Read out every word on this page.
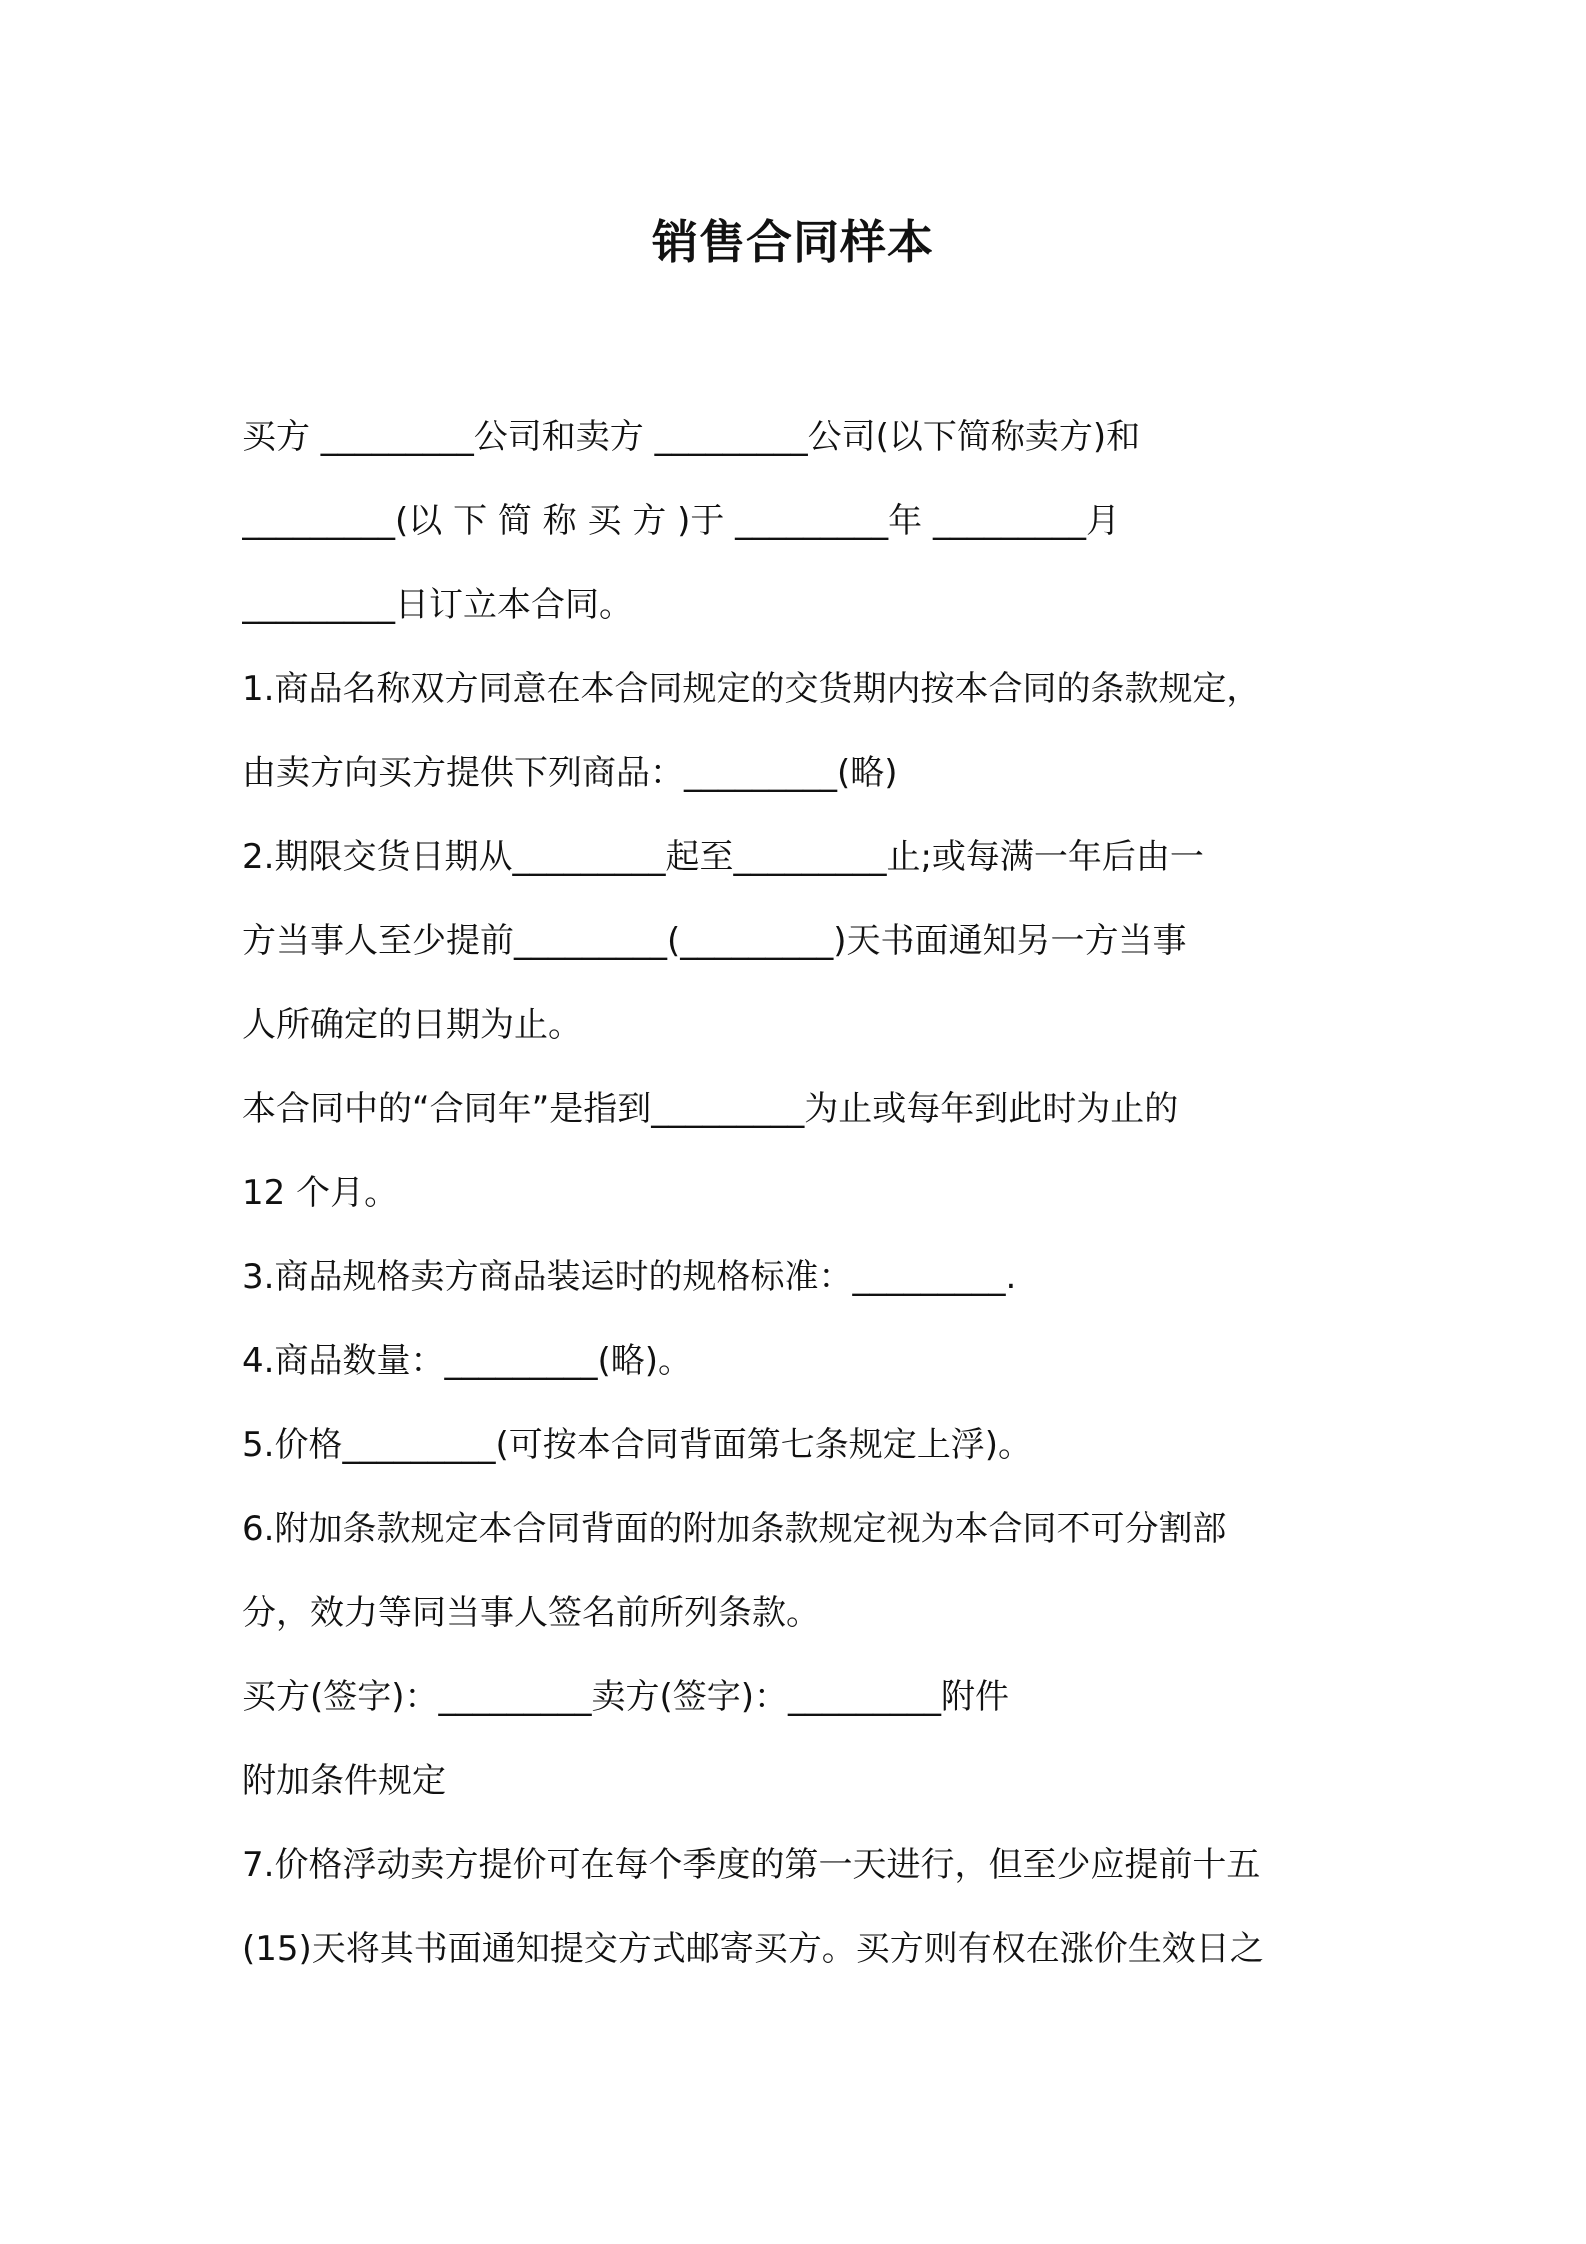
销售合同样本
买方 _________公司和卖方 _________公司(以下简称卖方)和
_________(以 下 简 称 买 方 )于 _________年 _________月
_________日订立本合同。
1.商品名称双方同意在本合同规定的交货期内按本合同的条款规定，
由卖方向买方提供下列商品：_________(略)
2.期限交货日期从_________起至_________止;或每满一年后由一
方当事人至少提前_________(_________)天书面通知另一方当事
人所确定的日期为止。
本合同中的“合同年”是指到_________为止或每年到此时为止的
12 个月。
3.商品规格卖方商品装运时的规格标准：_________.
4.商品数量：_________(略)。
5.价格_________(可按本合同背面第七条规定上浮)。
6.附加条款规定本合同背面的附加条款规定视为本合同不可分割部
分，效力等同当事人签名前所列条款。
买方(签字)：_________卖方(签字)：_________附件
附加条件规定
7.价格浮动卖方提价可在每个季度的第一天进行，但至少应提前十五
(15)天将其书面通知提交方式邮寄买方。买方则有权在涨价生效日之
